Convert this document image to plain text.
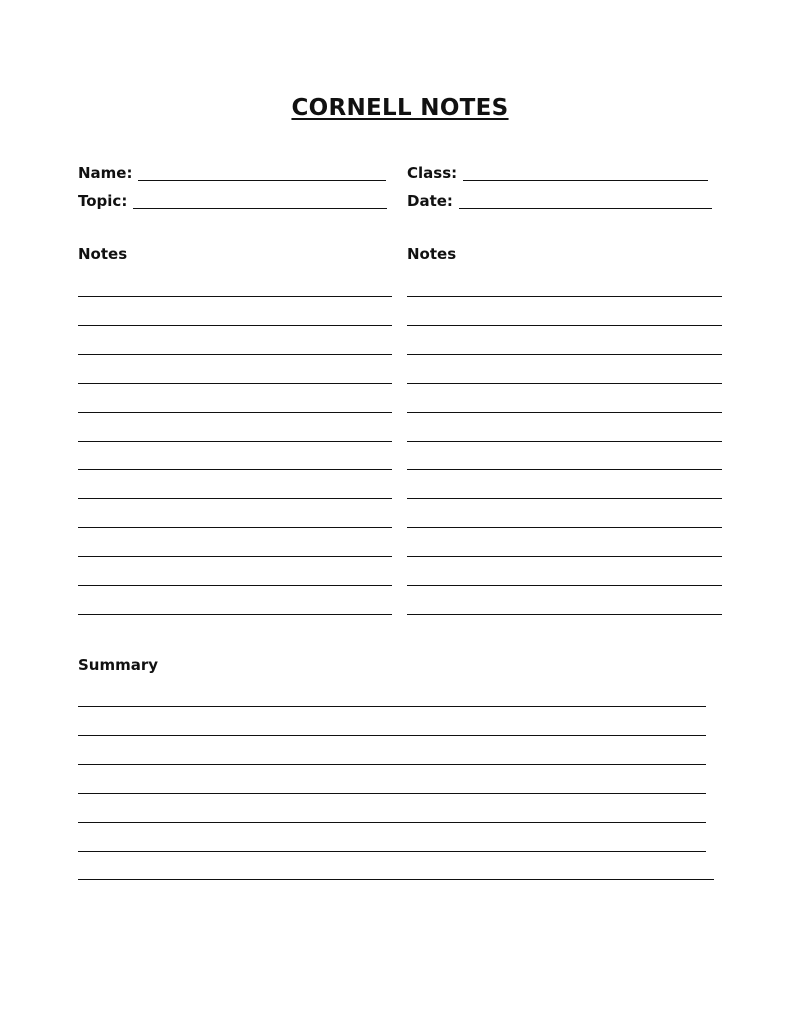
CORNELL NOTES
Name:	Class:
Topic:	Date:
Notes	Notes
Summary
